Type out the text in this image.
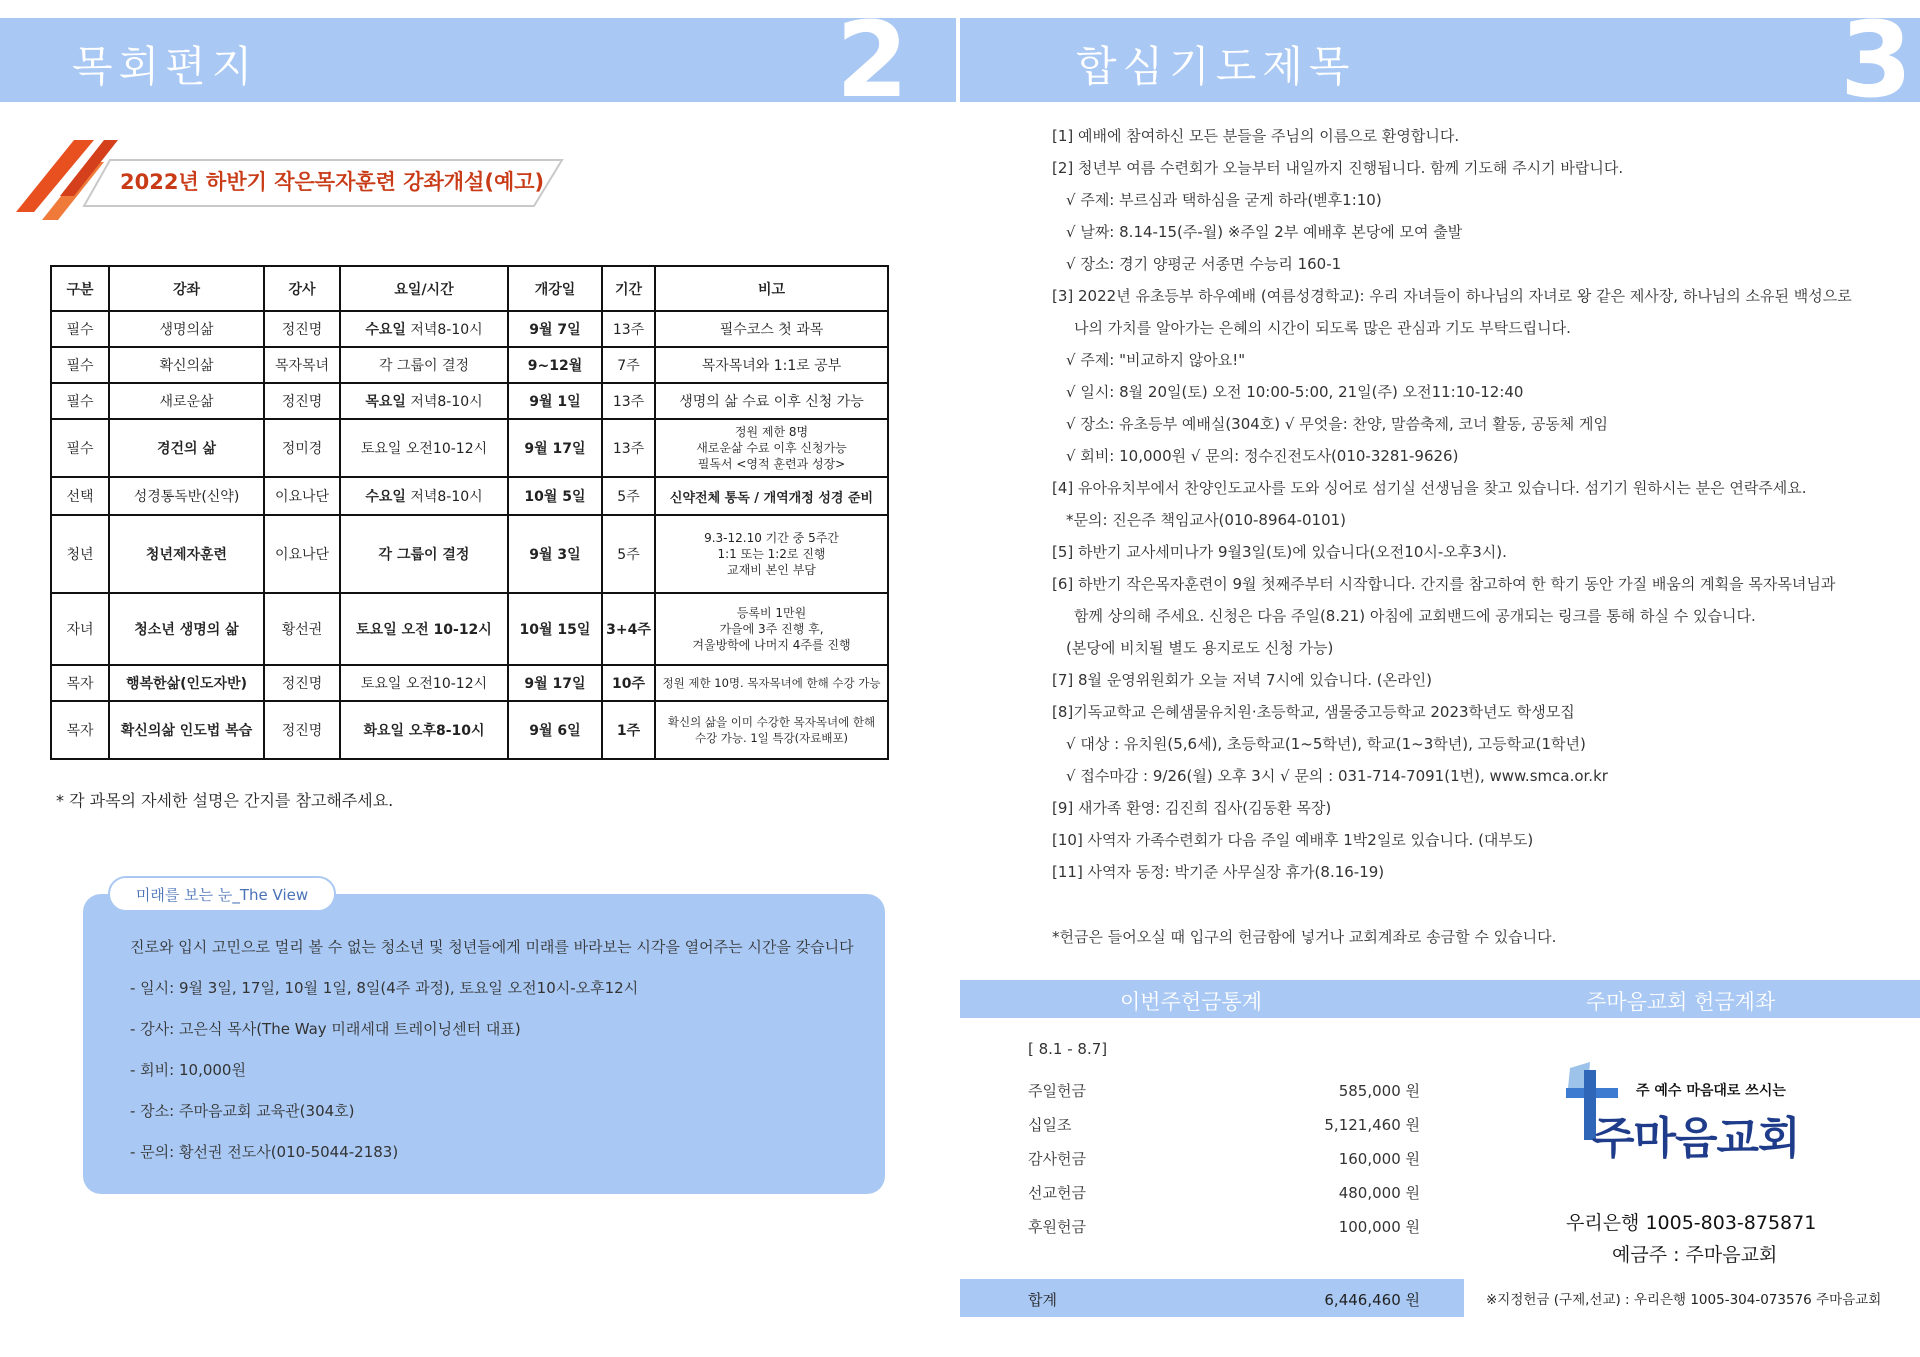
목회편지	2	합심기도제목	3
2022년 하반기 작은목자훈련 강좌개설(예고)
구분	강좌	강사	요일/시간	개강일	기간	비고
필수	생명의삶	정진명	수요일 저녁8-10시	9월 7일	13주	필수코스 첫 과목
필수	확신의삶	목자목녀	각 그룹이 결정	9~12월	7주	목자목녀와 1:1로 공부
필수	새로운삶	정진명	목요일 저녁8-10시	9월 1일	13주	생명의 삶 수료 이후 신청 가능
필수	경건의 삶	정미경	토요일 오전10-12시	9월 17일	13주	정원 제한 8명
새로운삶 수료 이후 신청가능
필독서 <영적 훈련과 성장>

선택	성경통독반(신약)	이요나단	수요일 저녁8-10시	10월 5일	5주	신약전체 통독 / 개역개정 성경 준비
청년	청년제자훈련	이요나단	각 그룹이 결정	9월 3일	5주	9.3-12.10 기간 중 5주간
1:1 또는 1:2로 진행
교재비 본인 부담

자녀	청소년 생명의 삶	황선권	토요일 오전 10-12시	10월 15일	3+4주	등록비 1만원
가을에 3주 진행 후,
겨울방학에 나머지 4주를 진행

목자	행복한삶(인도자반)	정진명	토요일 오전10-12시	9월 17일	10주	정원 제한 10명. 목자목녀에 한해 수강 가능
목자	확신의삶 인도법 복습	정진명	화요일 오후8-10시	9월 6일	1주	확신의 삶을 이미 수강한 목자목녀에 한해
수강 가능. 1일 특강(자료배포)
* 각 과목의 자세한 설명은 간지를 참고해주세요.
미래를 보는 눈_The View

진로와 입시 고민으로 멀리 볼 수 없는 청소년 및 청년들에게 미래를 바라보는 시각을 열어주는 시간을 갖습니다

- 일시: 9월 3일, 17일, 10월 1일, 8일(4주 과정), 토요일 오전10시-오후12시

- 강사: 고은식 목사(The Way 미래세대 트레이닝센터 대표)

- 회비: 10,000원

- 장소: 주마음교회 교육관(304호)

- 문의: 황선권 전도사(010-5044-2183)

[1] 예배에 참여하신 모든 분들을 주님의 이름으로 환영합니다.

[2] 청년부 여름 수련회가 오늘부터 내일까지 진행됩니다. 함께 기도해 주시기 바랍니다.

√ 주제: 부르심과 택하심을 굳게 하라(벧후1:10)

√ 날짜: 8.14-15(주-월) ※주일 2부 예배후 본당에 모여 출발

√ 장소: 경기 양평군 서종면 수능리 160-1

[3] 2022년 유초등부 하우예배 (여름성경학교): 우리 자녀들이 하나님의 자녀로 왕 같은 제사장, 하나님의 소유된 백성으로

나의 가치를 알아가는 은혜의 시간이 되도록 많은 관심과 기도 부탁드립니다.

√ 주제: "비교하지 않아요!"

√ 일시: 8월 20일(토) 오전 10:00-5:00, 21일(주) 오전11:10-12:40

√ 장소: 유초등부 예배실(304호) √ 무엇을: 찬양, 말씀축제, 코너 활동, 공동체 게임

√ 회비: 10,000원 √ 문의: 정수진전도사(010-3281-9626)

[4] 유아유치부에서 찬양인도교사를 도와 싱어로 섬기실 선생님을 찾고 있습니다. 섬기기 원하시는 분은 연락주세요.

*문의: 진은주 책임교사(010-8964-0101)

[5] 하반기 교사세미나가 9월3일(토)에 있습니다(오전10시-오후3시).

[6] 하반기 작은목자훈련이 9월 첫째주부터 시작합니다. 간지를 참고하여 한 학기 동안 가질 배움의 계획을 목자목녀님과

함께 상의해 주세요. 신청은 다음 주일(8.21) 아침에 교회밴드에 공개되는 링크를 통해 하실 수 있습니다.

(본당에 비치될 별도 용지로도 신청 가능)

[7] 8월 운영위원회가 오늘 저녁 7시에 있습니다. (온라인)

[8]기독교학교 은혜샘물유치원·초등학교, 샘물중고등학교 2023학년도 학생모집

√ 대상 : 유치원(5,6세), 초등학교(1~5학년), 학교(1~3학년), 고등학교(1학년)

√ 접수마감 : 9/26(월) 오후 3시 √ 문의 : 031-714-7091(1번), www.smca.or.kr

[9] 새가족 환영: 김진희 집사(김동환 목장)

[10] 사역자 가족수련회가 다음 주일 예배후 1박2일로 있습니다. (대부도)

[11] 사역자 동정: 박기준 사무실장 휴가(8.16-19)

*헌금은 들어오실 때 입구의 헌금함에 넣거나 교회계좌로 송금할 수 있습니다.
이번주헌금통계	주마음교회 헌금계좌
[ 8.1 - 8.7]
주일헌금	585,000 원
십일조	5,121,460 원
감사헌금	160,000 원
선교헌금	480,000 원
후원헌금	100,000 원
합계	6,446,460 원
주 예수 마음대로 쓰시는
주마음교회
우리은행 1005-803-875871
예금주 : 주마음교회
※지정헌금 (구제,선교) : 우리은행 1005-304-073576 주마음교회
